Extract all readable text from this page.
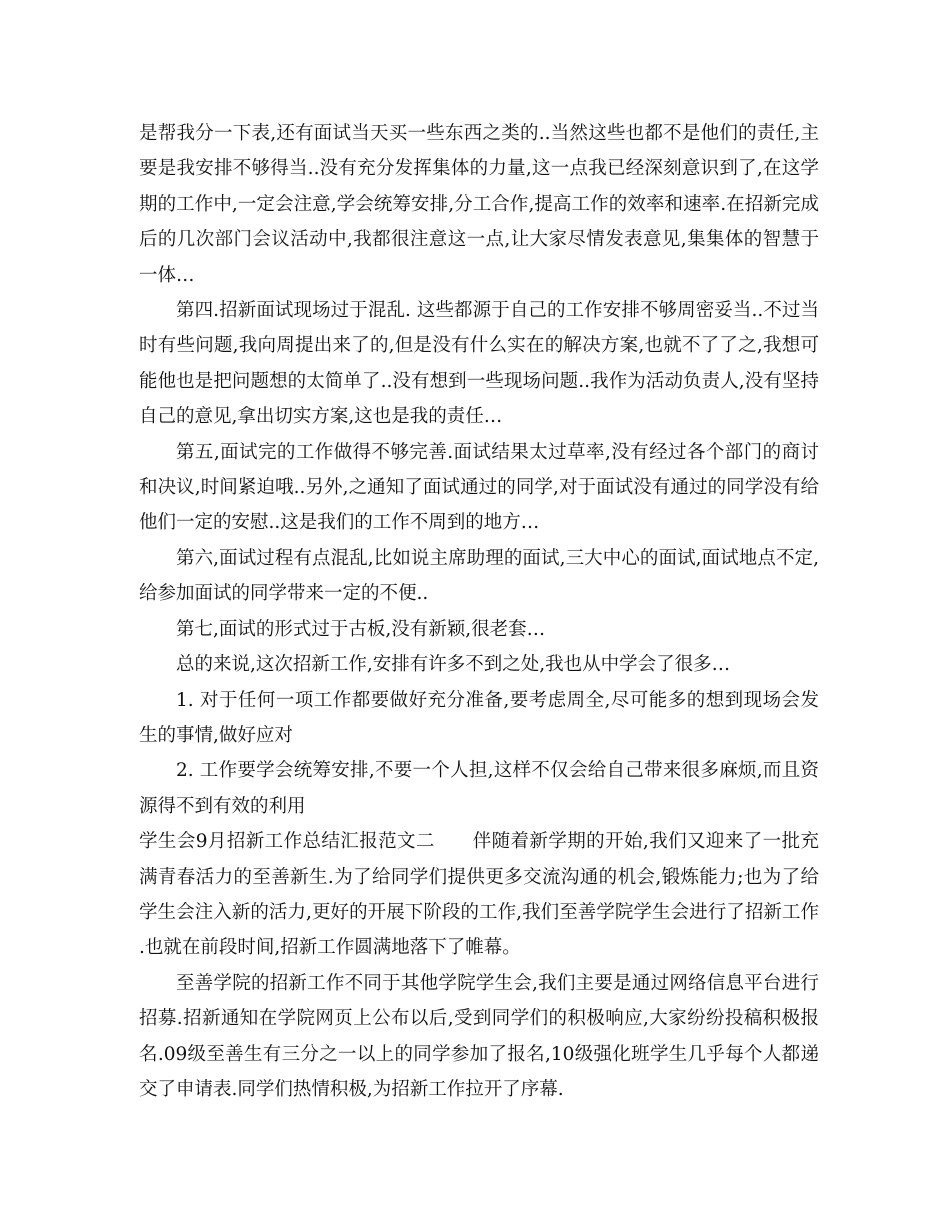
是帮我分一下表,还有面试当天买一些东西之类的..当然这些也都不是他们的责任,主要是我安排不够得当..没有充分发挥集体的力量,这一点我已经深刻意识到了,在这学期的工作中,一定会注意,学会统筹安排,分工合作,提高工作的效率和速率.在招新完成后的几次部门会议活动中,我都很注意这一点,让大家尽情发表意见,集集体的智慧于一体…

第四.招新面试现场过于混乱. 这些都源于自己的工作安排不够周密妥当..不过当时有些问题,我向周提出来了的,但是没有什么实在的解决方案,也就不了了之,我想可能他也是把问题想的太简单了..没有想到一些现场问题..我作为活动负责人,没有坚持自己的意见,拿出切实方案,这也是我的责任…

第五,面试完的工作做得不够完善.面试结果太过草率,没有经过各个部门的商讨和决议,时间紧迫哦..另外,之通知了面试通过的同学,对于面试没有通过的同学没有给他们一定的安慰..这是我们的工作不周到的地方…

第六,面试过程有点混乱,比如说主席助理的面试,三大中心的面试,面试地点不定,给参加面试的同学带来一定的不便..

第七,面试的形式过于古板,没有新颖,很老套…

总的来说,这次招新工作,安排有许多不到之处,我也从中学会了很多…

1. 对于任何一项工作都要做好充分准备,要考虑周全,尽可能多的想到现场会发生的事情,做好应对

2. 工作要学会统筹安排,不要一个人担,这样不仅会给自己带来很多麻烦,而且资源得不到有效的利用

学生会9月招新工作总结汇报范文二　　伴随着新学期的开始,我们又迎来了一批充满青春活力的至善新生.为了给同学们提供更多交流沟通的机会,锻炼能力;也为了给学生会注入新的活力,更好的开展下阶段的工作,我们至善学院学生会进行了招新工作.也就在前段时间,招新工作圆满地落下了帷幕。

至善学院的招新工作不同于其他学院学生会,我们主要是通过网络信息平台进行招募.招新通知在学院网页上公布以后,受到同学们的积极响应,大家纷纷投稿积极报名.09级至善生有三分之一以上的同学参加了报名,10级强化班学生几乎每个人都递交了申请表.同学们热情积极,为招新工作拉开了序幕.
